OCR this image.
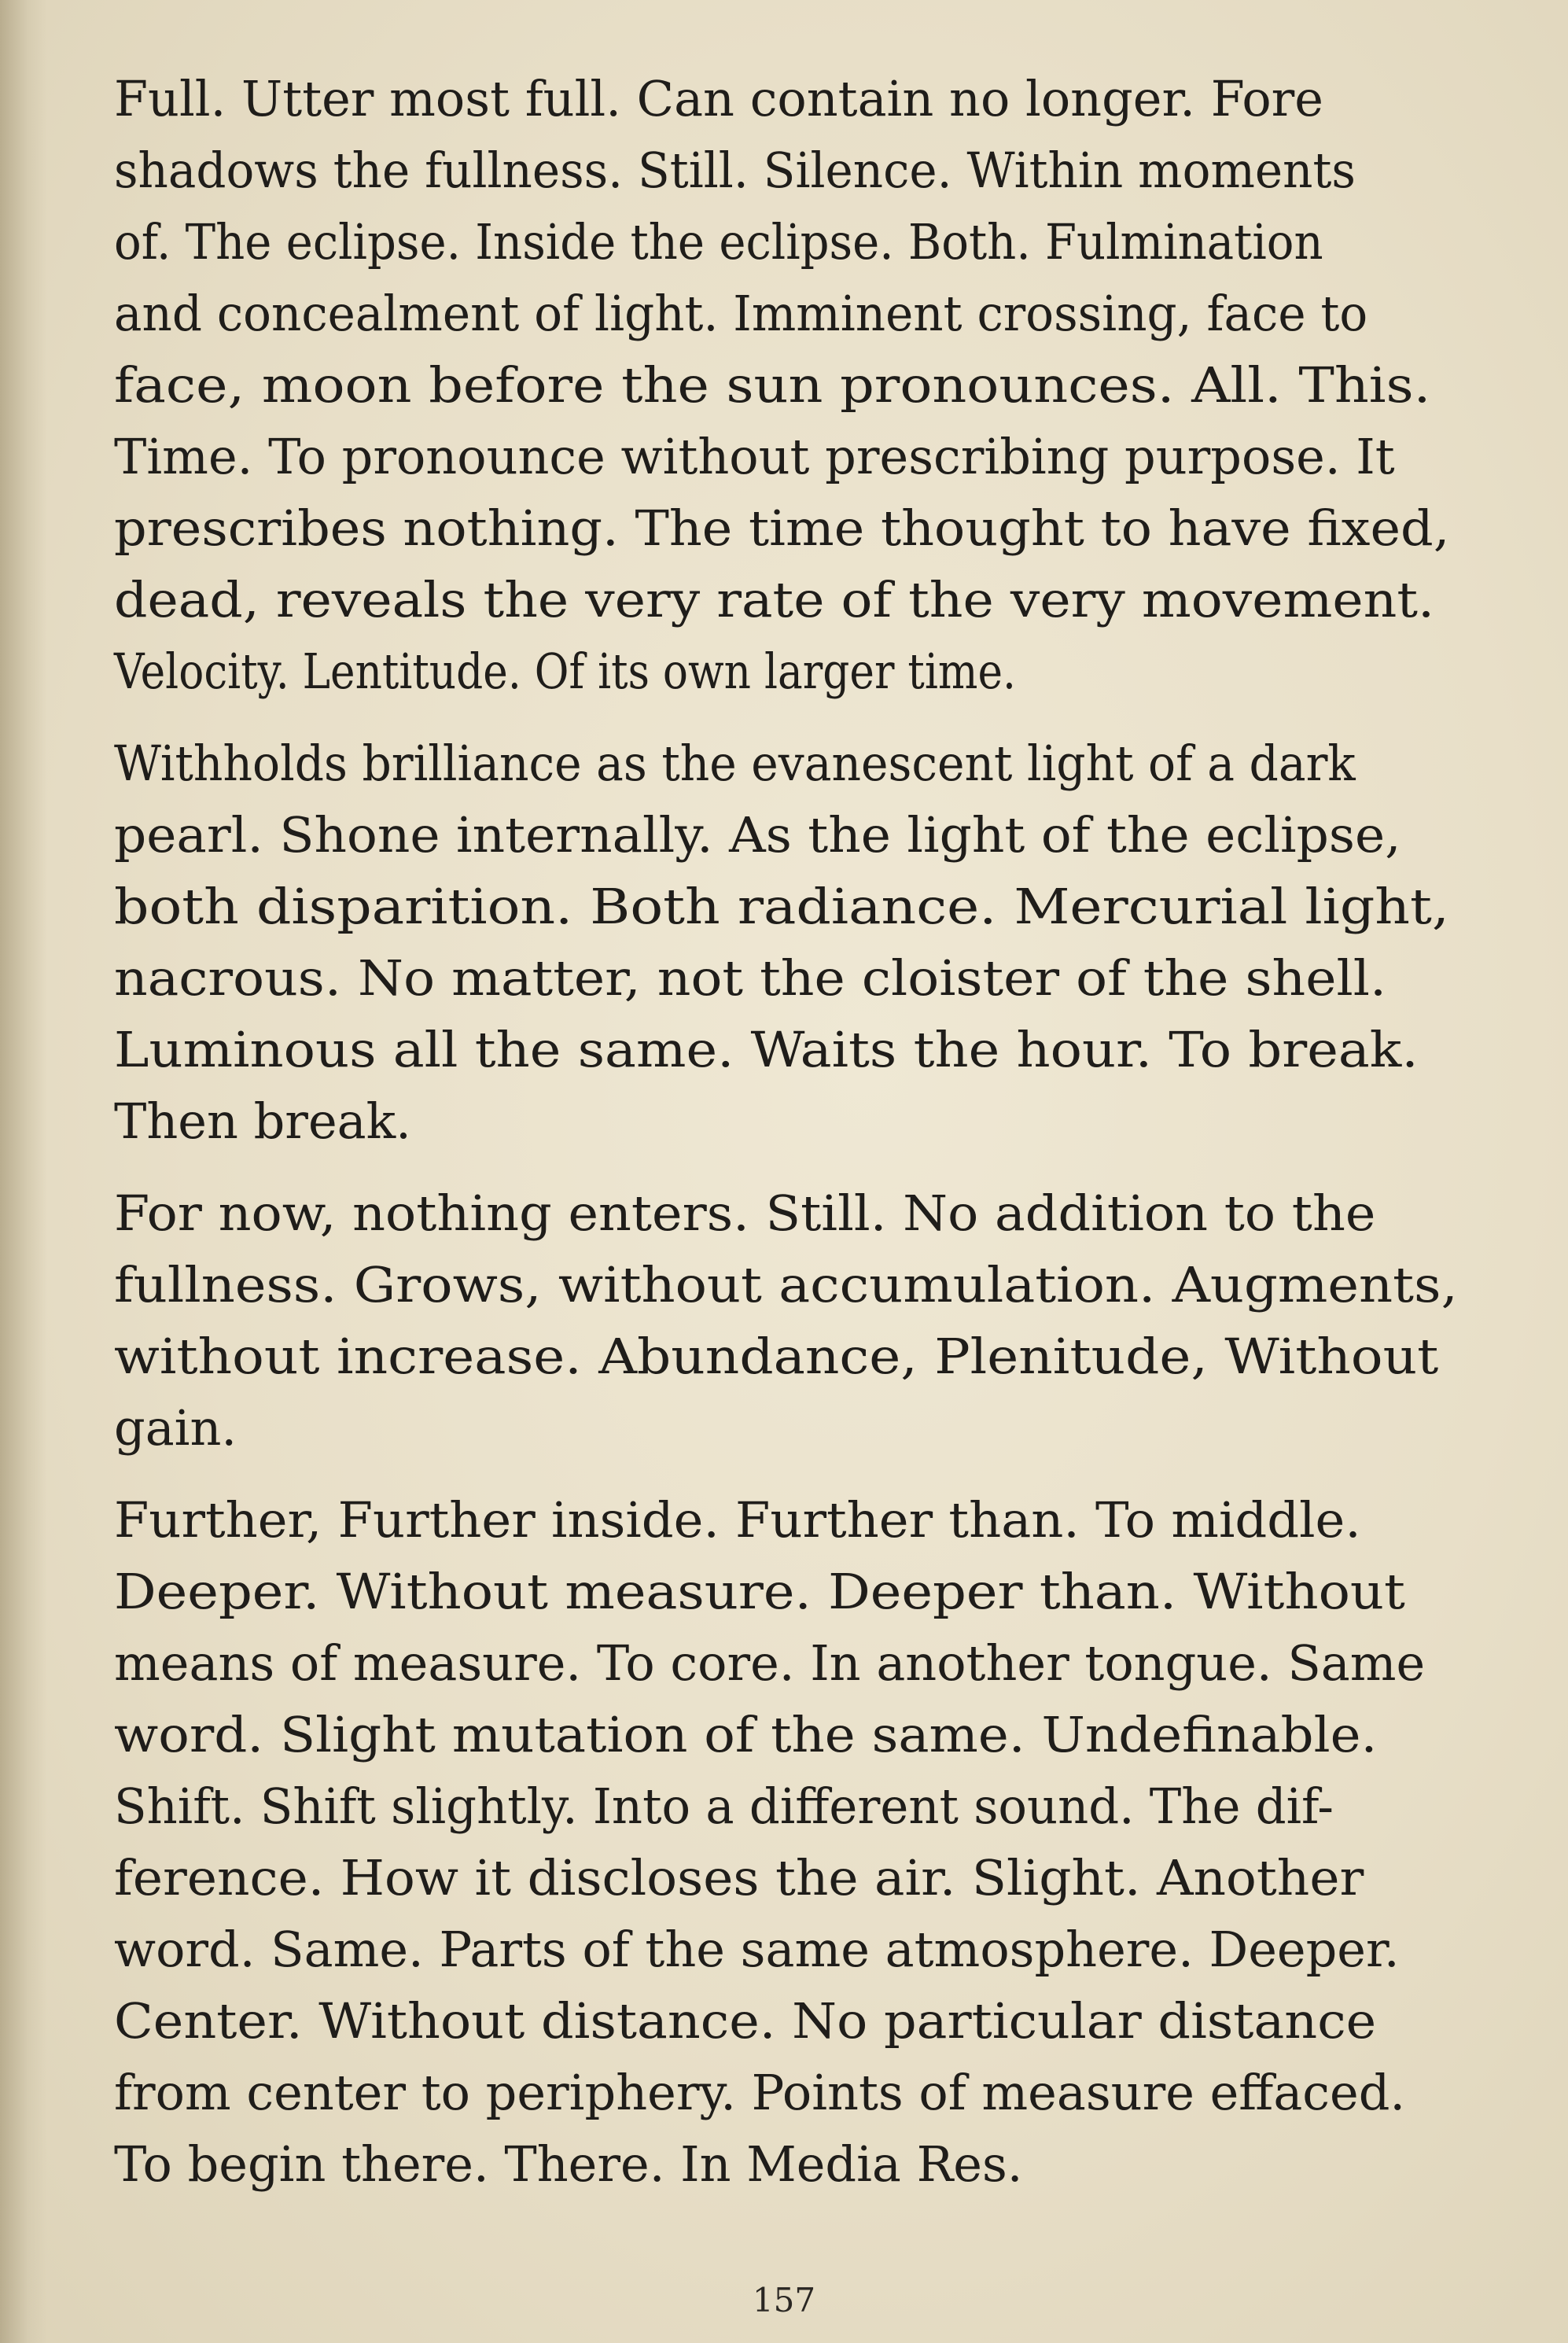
Full. Utter most full. Can contain no longer. Fore
shadows the fullness. Still. Silence. Within moments
of. The eclipse. Inside the eclipse. Both. Fulmination
and concealment of light. Imminent crossing, face to
face, moon before the sun pronounces. All. This.
Time. To pronounce without prescribing purpose. It
prescribes nothing. The time thought to have fixed,
dead, reveals the very rate of the very movement.
Velocity. Lentitude. Of its own larger time.
Withholds brilliance as the evanescent light of a dark
pearl. Shone internally. As the light of the eclipse,
both disparition. Both radiance. Mercurial light,
nacrous. No matter, not the cloister of the shell.
Luminous all the same. Waits the hour. To break.
Then break.
For now, nothing enters. Still. No addition to the
fullness. Grows, without accumulation. Augments,
without increase. Abundance, Plenitude, Without
gain.
Further, Further inside. Further than. To middle.
Deeper. Without measure. Deeper than. Without
means of measure. To core. In another tongue. Same
word. Slight mutation of the same. Undefinable.
Shift. Shift slightly. Into a different sound. The dif-
ference. How it discloses the air. Slight. Another
word. Same. Parts of the same atmosphere. Deeper.
Center. Without distance. No particular distance
from center to periphery. Points of measure effaced.
To begin there. There. In Media Res.
157
